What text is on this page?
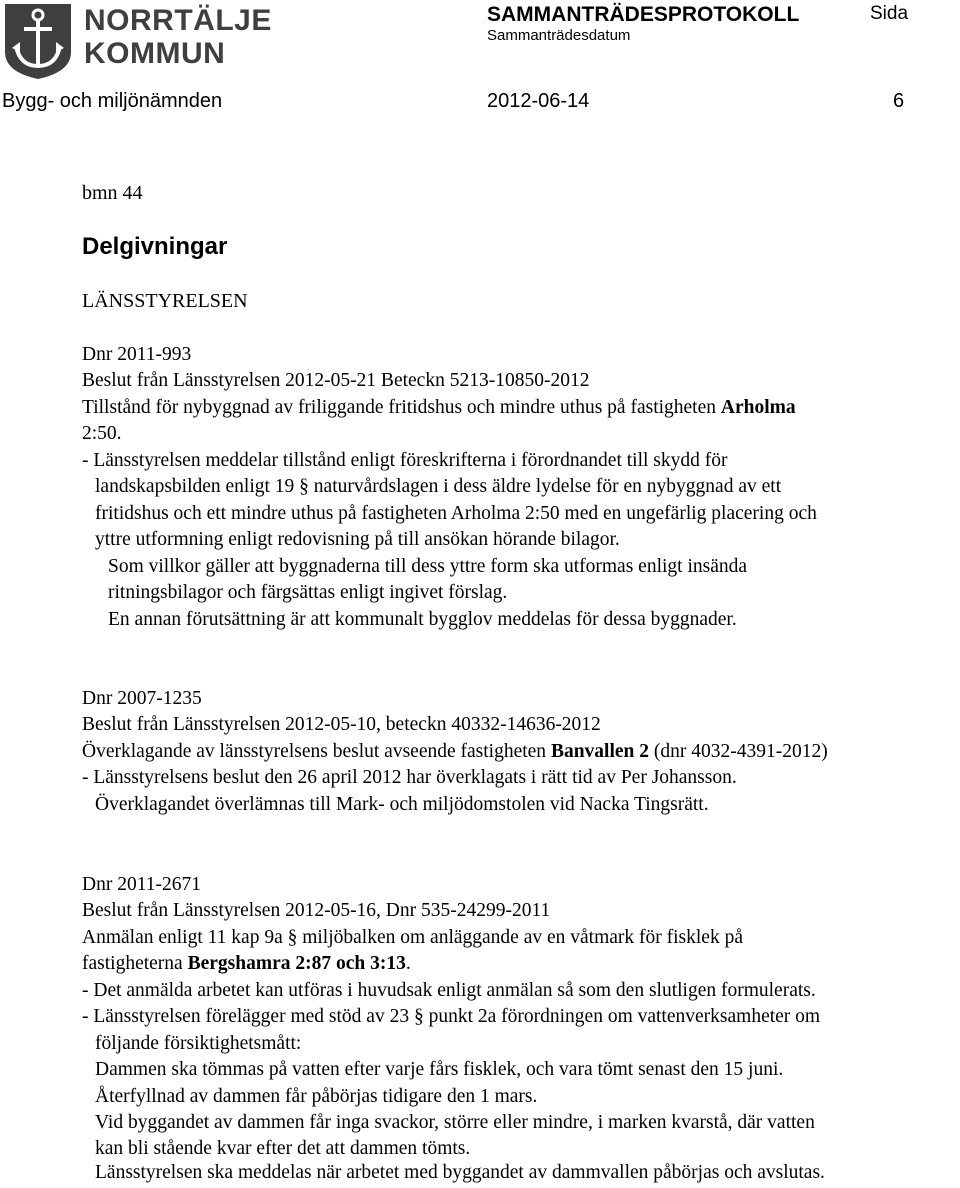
NORRTÄLJE
KOMMUN
SAMMANTRÄDESPROTOKOLL
Sammanträdesdatum
Sida
Bygg- och miljönämnden	2012-06-14	6
bmn 44
Delgivningar
LÄNSSTYRELSEN
Dnr 2011-993
Beslut från Länsstyrelsen 2012-05-21 Beteckn 5213-10850-2012
Tillstånd för nybyggnad av friliggande fritidshus och mindre uthus på fastigheten Arholma
2:50.
- Länsstyrelsen meddelar tillstånd enligt föreskrifterna i förordnandet till skydd för
landskapsbilden enligt 19 § naturvårdslagen i dess äldre lydelse för en nybyggnad av ett
fritidshus och ett mindre uthus på fastigheten Arholma 2:50 med en ungefärlig placering och
yttre utformning enligt redovisning på till ansökan hörande bilagor.
Som villkor gäller att byggnaderna till dess yttre form ska utformas enligt insända
ritningsbilagor och färgsättas enligt ingivet förslag.
En annan förutsättning är att kommunalt bygglov meddelas för dessa byggnader.
Dnr 2007-1235
Beslut från Länsstyrelsen 2012-05-10, beteckn 40332-14636-2012
Överklagande av länsstyrelsens beslut avseende fastigheten Banvallen 2 (dnr 4032-4391-2012)
- Länsstyrelsens beslut den 26 april 2012 har överklagats i rätt tid av Per Johansson.
Överklagandet överlämnas till Mark- och miljödomstolen vid Nacka Tingsrätt.
Dnr 2011-2671
Beslut från Länsstyrelsen 2012-05-16, Dnr 535-24299-2011
Anmälan enligt 11 kap 9a § miljöbalken om anläggande av en våtmark för fisklek på
fastigheterna Bergshamra 2:87 och 3:13.
- Det anmälda arbetet kan utföras i huvudsak enligt anmälan så som den slutligen formulerats.
- Länsstyrelsen förelägger med stöd av 23 § punkt 2a förordningen om vattenverksamheter om
följande försiktighetsmått:
Dammen ska tömmas på vatten efter varje fårs fisklek, och vara tömt senast den 15 juni.
Återfyllnad av dammen får påbörjas tidigare den 1 mars.
Vid byggandet av dammen får inga svackor, större eller mindre, i marken kvarstå, där vatten
kan bli stående kvar efter det att dammen tömts.
Länsstyrelsen ska meddelas när arbetet med byggandet av dammvallen påbörjas och avslutas.
